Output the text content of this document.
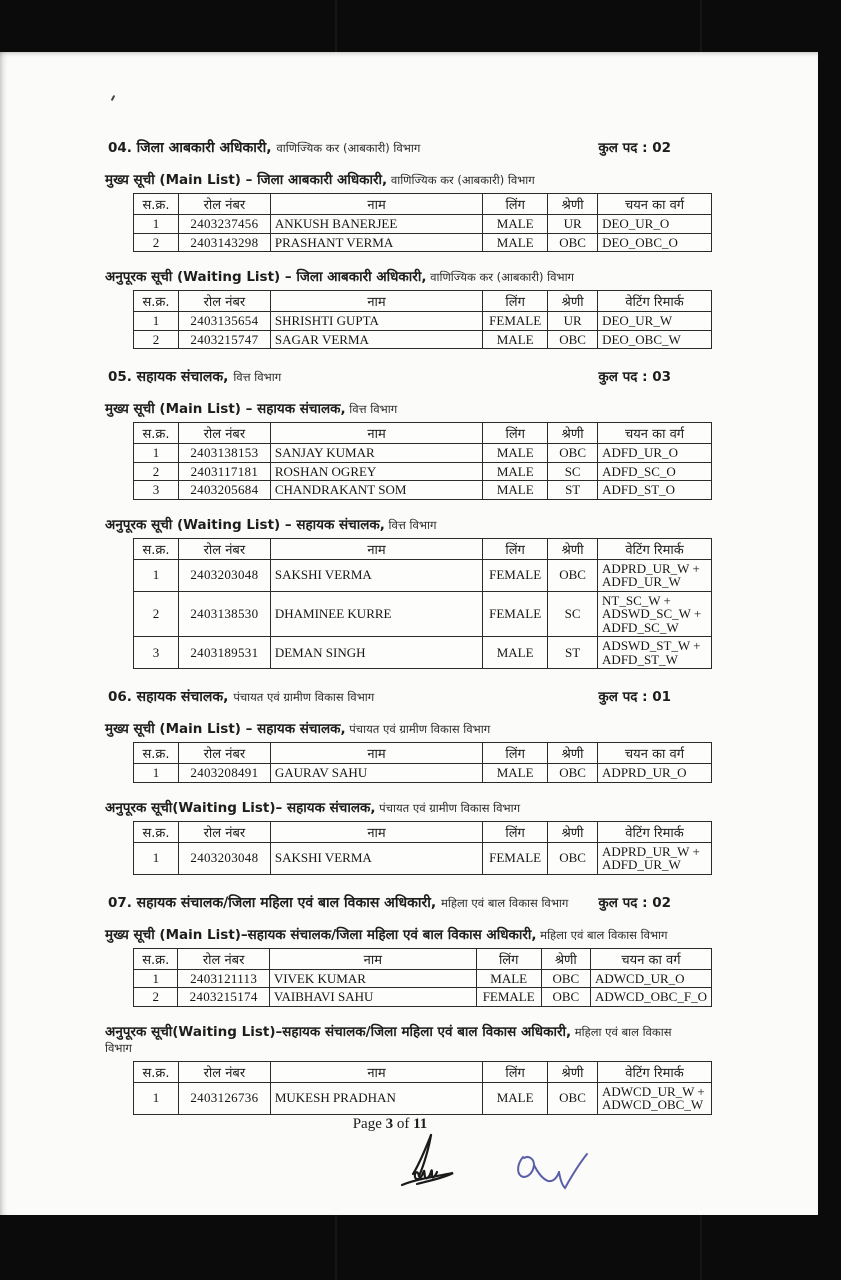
04. जिला आबकारी अधिकारी, वाणिज्यिक कर (आबकारी) विभाग	कुल पद : 02
मुख्य सूची (Main List) – जिला आबकारी अधिकारी, वाणिज्यिक कर (आबकारी) विभाग
स.क्र.	रोल नंबर	नाम	लिंग	श्रेणी	चयन का वर्ग
1	2403237456	ANKUSH BANERJEE	MALE	UR	DEO_UR_O
2	2403143298	PRASHANT VERMA	MALE	OBC	DEO_OBC_O
अनुपूरक सूची (Waiting List) – जिला आबकारी अधिकारी, वाणिज्यिक कर (आबकारी) विभाग
स.क्र.	रोल नंबर	नाम	लिंग	श्रेणी	वेटिंग रिमार्क
1	2403135654	SHRISHTI GUPTA	FEMALE	UR	DEO_UR_W
2	2403215747	SAGAR VERMA	MALE	OBC	DEO_OBC_W
05. सहायक संचालक, वित्त विभाग	कुल पद : 03
मुख्य सूची (Main List) – सहायक संचालक, वित्त विभाग
स.क्र.	रोल नंबर	नाम	लिंग	श्रेणी	चयन का वर्ग
1	2403138153	SANJAY KUMAR	MALE	OBC	ADFD_UR_O
2	2403117181	ROSHAN OGREY	MALE	SC	ADFD_SC_O
3	2403205684	CHANDRAKANT SOM	MALE	ST	ADFD_ST_O
अनुपूरक सूची (Waiting List) – सहायक संचालक, वित्त विभाग
स.क्र.	रोल नंबर	नाम	लिंग	श्रेणी	वेटिंग रिमार्क
1	2403203048	SAKSHI VERMA	FEMALE	OBC	ADPRD_UR_W +
ADFD_UR_W
2	2403138530	DHAMINEE KURRE	FEMALE	SC	NT_SC_W +
ADSWD_SC_W +
ADFD_SC_W
3	2403189531	DEMAN SINGH	MALE	ST	ADSWD_ST_W +
ADFD_ST_W
06. सहायक संचालक, पंचायत एवं ग्रामीण विकास विभाग	कुल पद : 01
मुख्य सूची (Main List) – सहायक संचालक, पंचायत एवं ग्रामीण विकास विभाग
स.क्र.	रोल नंबर	नाम	लिंग	श्रेणी	चयन का वर्ग
1	2403208491	GAURAV SAHU	MALE	OBC	ADPRD_UR_O
अनुपूरक सूची(Waiting List)– सहायक संचालक, पंचायत एवं ग्रामीण विकास विभाग
स.क्र.	रोल नंबर	नाम	लिंग	श्रेणी	वेटिंग रिमार्क
1	2403203048	SAKSHI VERMA	FEMALE	OBC	ADPRD_UR_W +
ADFD_UR_W
07. सहायक संचालक/जिला महिला एवं बाल विकास अधिकारी, महिला एवं बाल विकास विभाग कुल पद : 02
मुख्य सूची (Main List)–सहायक संचालक/जिला महिला एवं बाल विकास अधिकारी, महिला एवं बाल विकास विभाग
स.क्र.	रोल नंबर	नाम	लिंग	श्रेणी	चयन का वर्ग
1	2403121113	VIVEK KUMAR	MALE	OBC	ADWCD_UR_O
2	2403215174	VAIBHAVI SAHU	FEMALE	OBC	ADWCD_OBC_F_O
अनुपूरक सूची(Waiting List)–सहायक संचालक/जिला महिला एवं बाल विकास अधिकारी, महिला एवं बाल विकास विभाग
स.क्र.	रोल नंबर	नाम	लिंग	श्रेणी	वेटिंग रिमार्क
1	2403126736	MUKESH PRADHAN	MALE	OBC	ADWCD_UR_W +
ADWCD_OBC_W
Page 3 of 11
